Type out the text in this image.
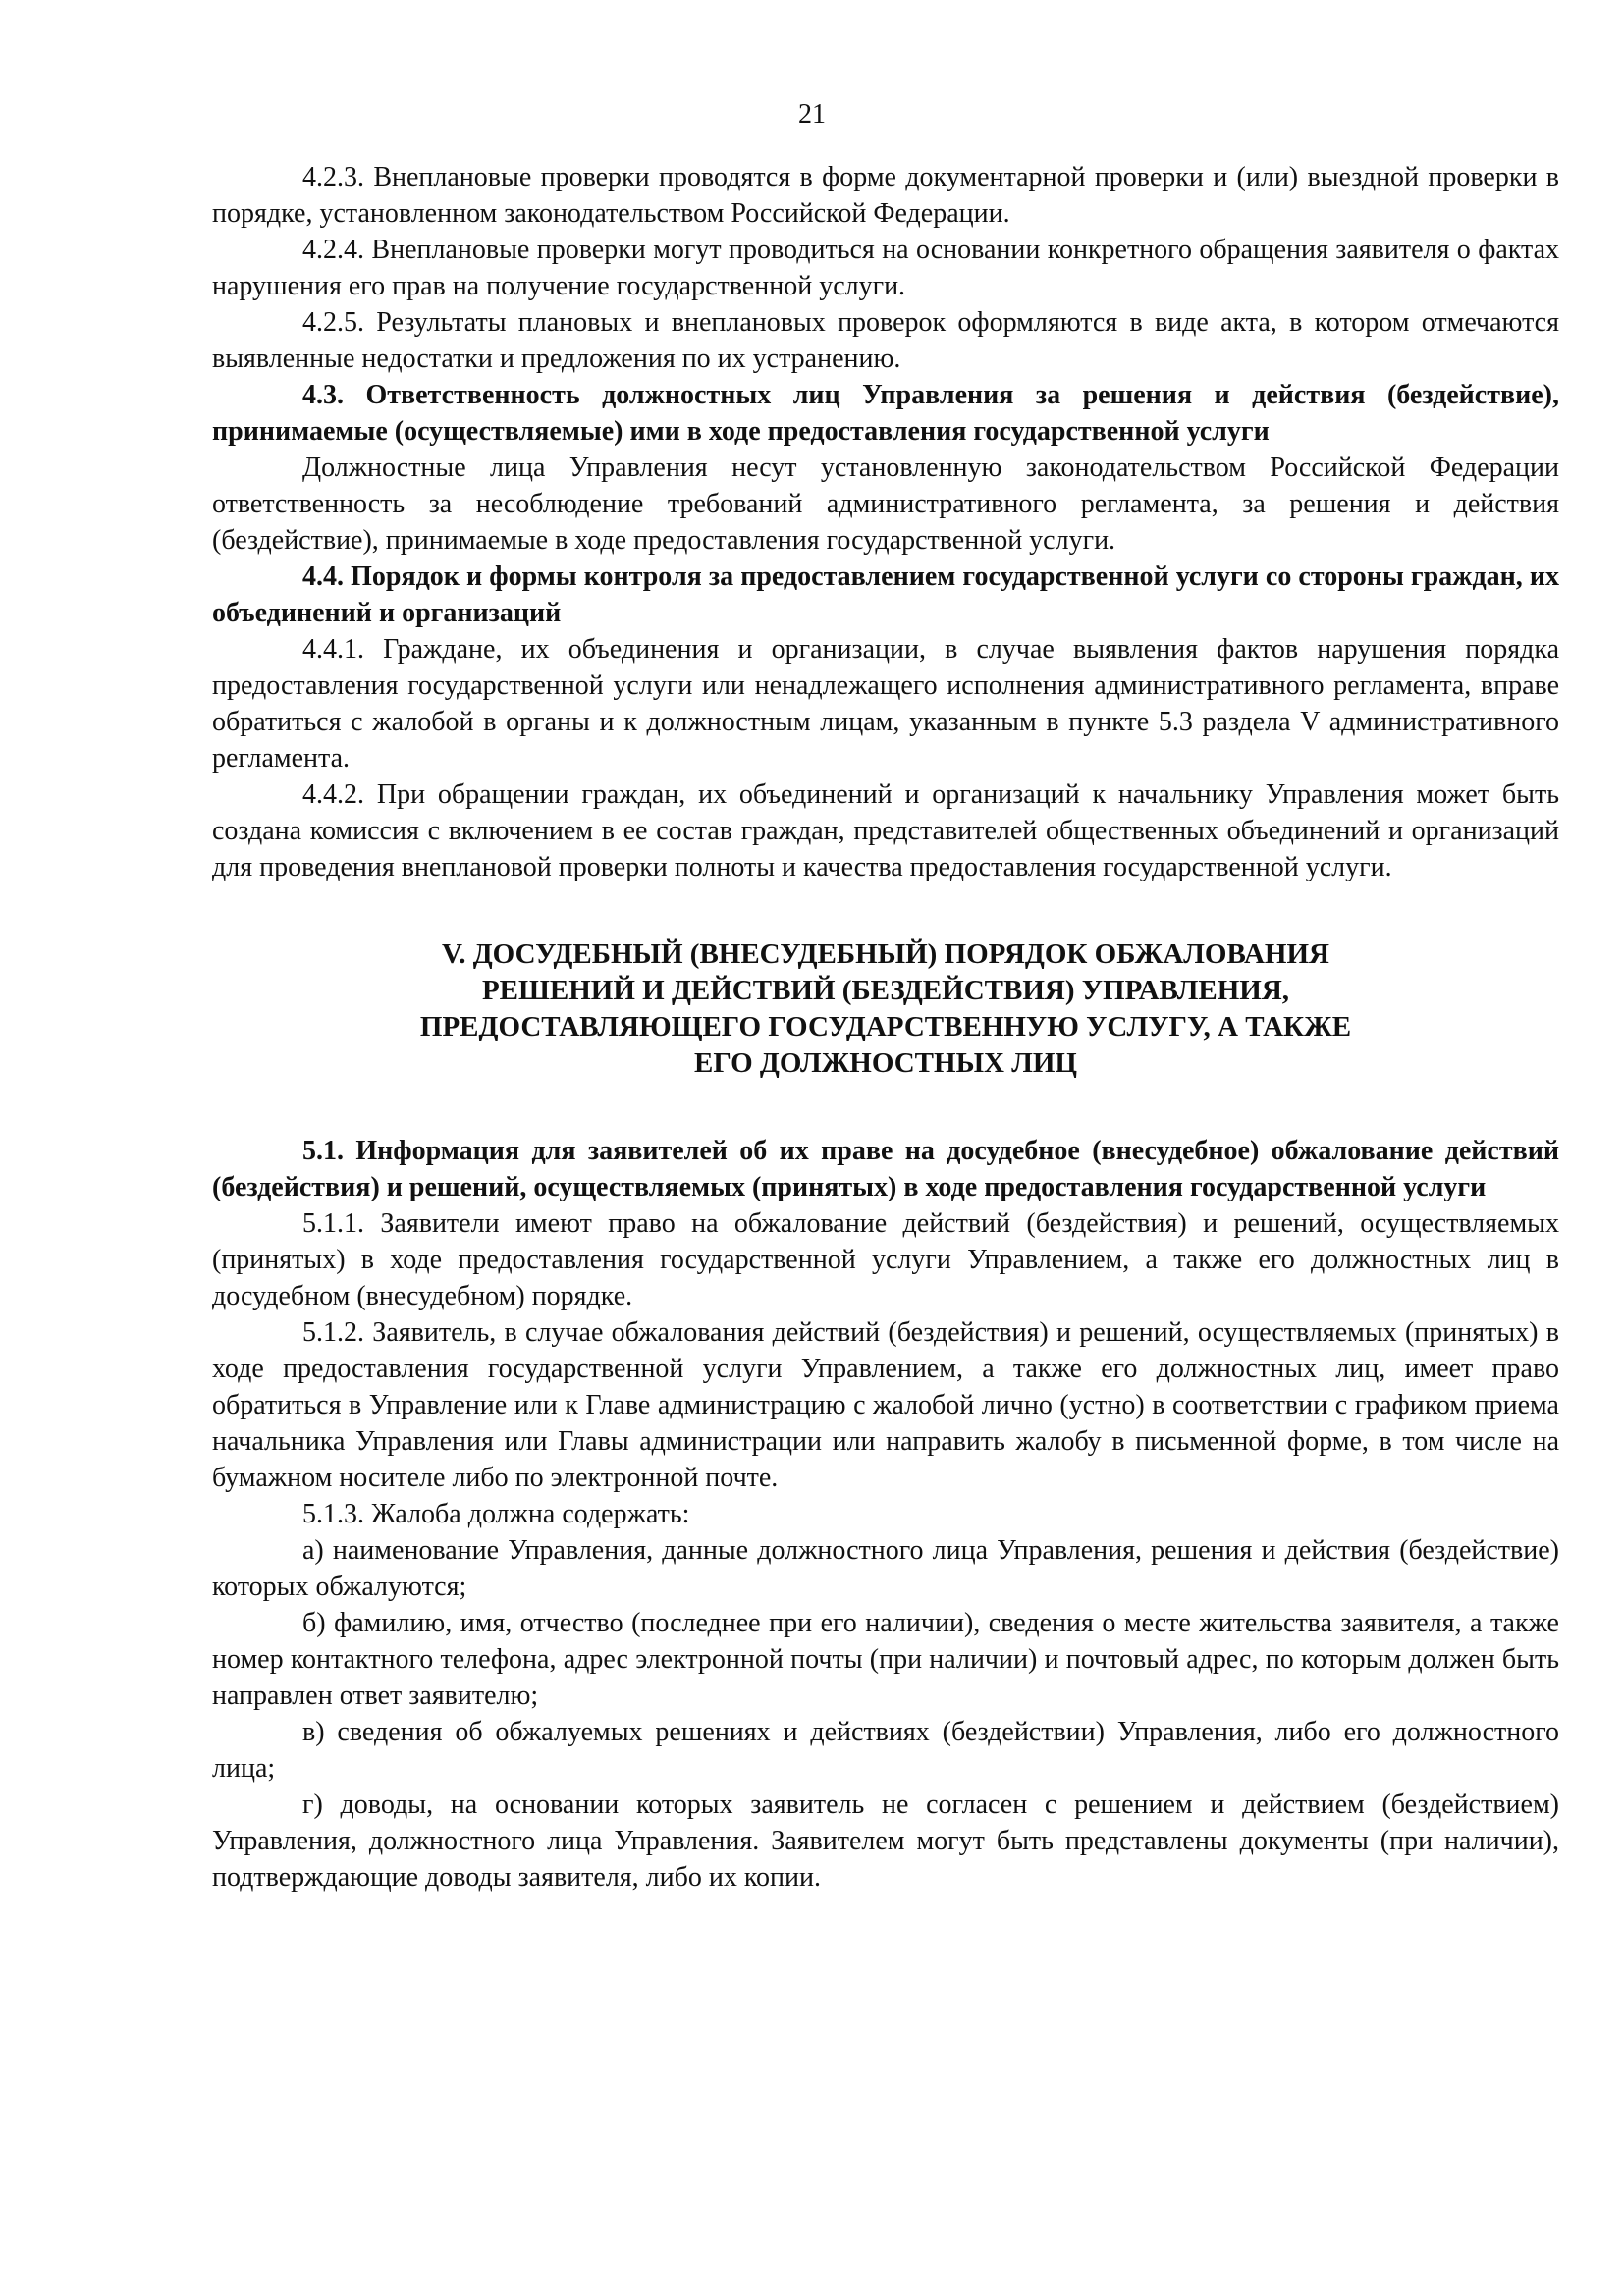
21

4.2.3. Внеплановые проверки проводятся в форме документарной проверки и (или) выездной проверки в порядке, установленном законодательством Российской Федерации.

4.2.4. Внеплановые проверки могут проводиться на основании конкретного обращения заявителя о фактах нарушения его прав на получение государственной услуги.

4.2.5. Результаты плановых и внеплановых проверок оформляются в виде акта, в котором отмечаются выявленные недостатки и предложения по их устранению.

4.3. Ответственность должностных лиц Управления за решения и действия (бездействие), принимаемые (осуществляемые) ими в ходе предоставления государственной услуги

Должностные лица Управления несут установленную законодательством Российской Федерации ответственность за несоблюдение требований административного регламента, за решения и действия (бездействие), принимаемые в ходе предоставления государственной услуги.

4.4. Порядок и формы контроля за предоставлением государственной услуги со стороны граждан, их объединений и организаций

4.4.1. Граждане, их объединения и организации, в случае выявления фактов нарушения порядка предоставления государственной услуги или ненадлежащего исполнения административного регламента, вправе обратиться с жалобой в органы и к должностным лицам, указанным в пункте 5.3 раздела V административного регламента.

4.4.2. При обращении граждан, их объединений и организаций к начальнику Управления может быть создана комиссия с включением в ее состав граждан, представителей общественных объединений и организаций для проведения внеплановой проверки полноты и качества предоставления государственной услуги.

V. ДОСУДЕБНЫЙ (ВНЕСУДЕБНЫЙ) ПОРЯДОК ОБЖАЛОВАНИЯ
РЕШЕНИЙ И ДЕЙСТВИЙ (БЕЗДЕЙСТВИЯ) УПРАВЛЕНИЯ,
ПРЕДОСТАВЛЯЮЩЕГО ГОСУДАРСТВЕННУЮ УСЛУГУ, А ТАКЖЕ
ЕГО ДОЛЖНОСТНЫХ ЛИЦ

5.1. Информация для заявителей об их праве на досудебное (внесудебное) обжалование действий (бездействия) и решений, осуществляемых (принятых) в ходе предоставления государственной услуги

5.1.1. Заявители имеют право на обжалование действий (бездействия) и решений, осуществляемых (принятых) в ходе предоставления государственной услуги Управлением, а также его должностных лиц в досудебном (внесудебном) порядке.

5.1.2. Заявитель, в случае обжалования действий (бездействия) и решений, осуществляемых (принятых) в ходе предоставления государственной услуги Управлением, а также его должностных лиц, имеет право обратиться в Управление или к Главе администрацию с жалобой лично (устно) в соответствии с графиком приема начальника Управления или Главы администрации или направить жалобу в письменной форме, в том числе на бумажном носителе либо по электронной почте.

5.1.3. Жалоба должна содержать:

а) наименование Управления, данные должностного лица Управления, решения и действия (бездействие) которых обжалуются;

б) фамилию, имя, отчество (последнее при его наличии), сведения о месте жительства заявителя, а также номер контактного телефона, адрес электронной почты (при наличии) и почтовый адрес, по которым должен быть направлен ответ заявителю;

в) сведения об обжалуемых решениях и действиях (бездействии) Управления, либо его должностного лица;

г) доводы, на основании которых заявитель не согласен с решением и действием (бездействием) Управления, должностного лица Управления. Заявителем могут быть представлены документы (при наличии), подтверждающие доводы заявителя, либо их копии.
